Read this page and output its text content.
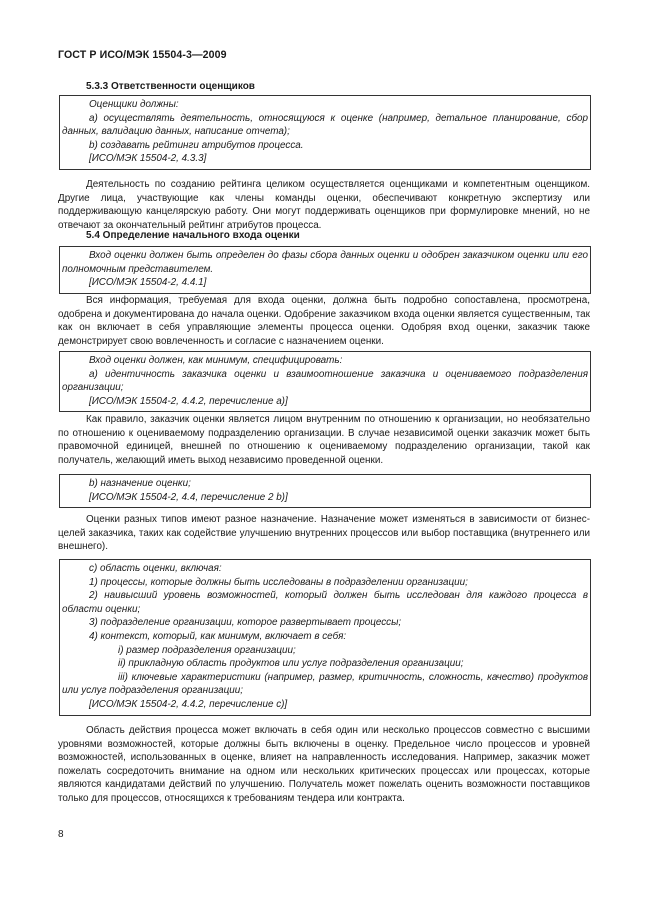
ГОСТ Р ИСО/МЭК 15504-3—2009
5.3.3 Ответственности оценщиков

Оценщики должны:

a) осуществлять деятельность, относящуюся к оценке (например, детальное планирование, сбор данных, валидацию данных, написание отчета);

b) создавать рейтинги атрибутов процесса.

[ИСО/МЭК 15504-2, 4.3.3]

Деятельность по созданию рейтинга целиком осуществляется оценщиками и компетентным оценщиком. Другие лица, участвующие как члены команды оценки, обеспечивают конкретную экспертизу или поддерживающую канцелярскую работу. Они могут поддерживать оценщиков при формулировке мнений, но не отвечают за окончательный рейтинг атрибутов процесса.

5.4 Определение начального входа оценки

Вход оценки должен быть определен до фазы сбора данных оценки и одобрен заказчиком оценки или его полномочным представителем.

[ИСО/МЭК 15504-2, 4.4.1]

Вся информация, требуемая для входа оценки, должна быть подробно сопоставлена, просмотрена, одобрена и документирована до начала оценки. Одобрение заказчиком входа оценки является существенным, так как он включает в себя управляющие элементы процесса оценки. Одобряя вход оценки, заказчик также демонстрирует свою вовлеченность и согласие с назначением оценки.

Вход оценки должен, как минимум, специфицировать:

a) идентичность заказчика оценки и взаимоотношение заказчика и оцениваемого подразделения организации;

[ИСО/МЭК 15504-2, 4.4.2, перечисление a)]

Как правило, заказчик оценки является лицом внутренним по отношению к организации, но необязательно по отношению к оцениваемому подразделению организации. В случае независимой оценки заказчик может быть правомочной единицей, внешней по отношению к оцениваемому подразделению организации, такой как получатель, желающий иметь выход независимо проведенной оценки.

b) назначение оценки;

[ИСО/МЭК 15504-2, 4.4, перечисление 2 b)]

Оценки разных типов имеют разное назначение. Назначение может изменяться в зависимости от бизнес-целей заказчика, таких как содействие улучшению внутренних процессов или выбор поставщика (внутреннего или внешнего).

c) область оценки, включая:

1) процессы, которые должны быть исследованы в подразделении организации;

2) наивысший уровень возможностей, который должен быть исследован для каждого процесса в области оценки;

3) подразделение организации, которое развертывает процессы;

4) контекст, который, как минимум, включает в себя:

i) размер подразделения организации;

ii) прикладную область продуктов или услуг подразделения организации;

iii) ключевые характеристики (например, размер, критичность, сложность, качество) продуктов или услуг подразделения организации;

[ИСО/МЭК 15504-2, 4.4.2, перечисление c)]

Область действия процесса может включать в себя один или несколько процессов совместно с высшими уровнями возможностей, которые должны быть включены в оценку. Предельное число процессов и уровней возможностей, использованных в оценке, влияет на направленность исследования. Например, заказчик может пожелать сосредоточить внимание на одном или нескольких критических процессах или процессах, которые являются кандидатами действий по улучшению. Получатель может пожелать оценить возможности поставщиков только для процессов, относящихся к требованиям тендера или контракта.

8
